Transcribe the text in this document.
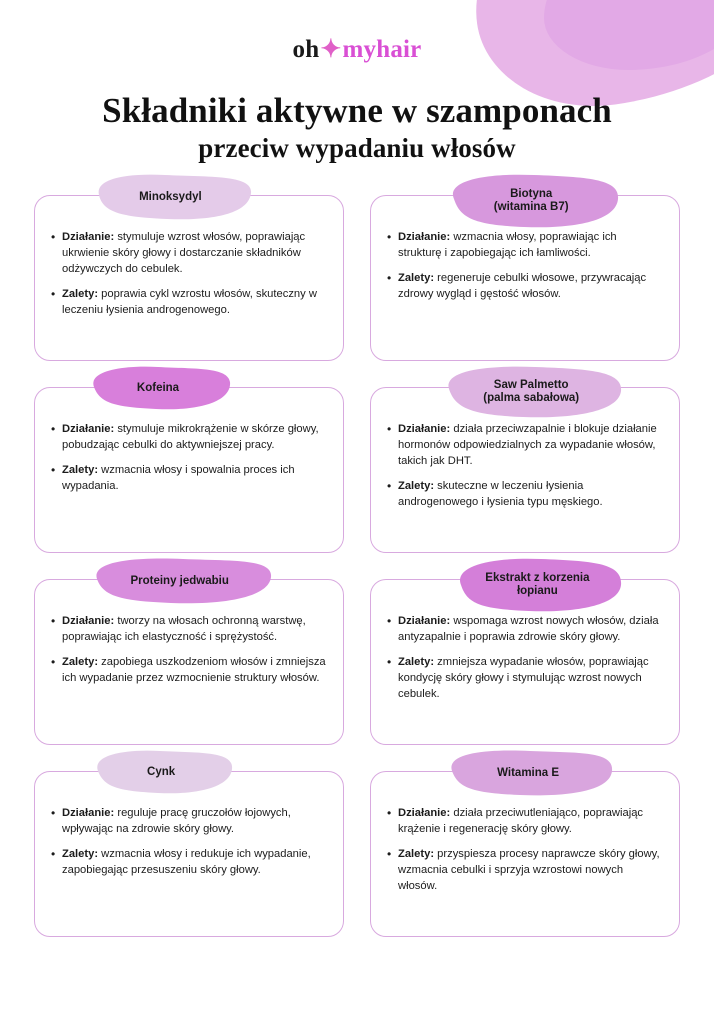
oh✦myhair
Składniki aktywne w szamponach
przeciw wypadaniu włosów
Minoksydyl
• Działanie: stymuluje wzrost włosów, poprawiając ukrwienie skóry głowy i dostarczanie składników odżywczych do cebulek.
• Zalety: poprawia cykl wzrostu włosów, skuteczny w leczeniu łysienia androgenowego.
Biotyna
(witamina B7)
• Działanie: wzmacnia włosy, poprawiając ich strukturę i zapobiegając ich łamliwości.
• Zalety: regeneruje cebulki włosowe, przywracając zdrowy wygląd i gęstość włosów.
Kofeina
• Działanie: stymuluje mikrokrążenie w skórze głowy, pobudzając cebulki do aktywniejszej pracy.
• Zalety: wzmacnia włosy i spowalnia proces ich wypadania.
Saw Palmetto
(palma sabałowa)
• Działanie: działa przeciwzapalnie i blokuje działanie hormonów odpowiedzialnych za wypadanie włosów, takich jak DHT.
• Zalety: skuteczne w leczeniu łysienia androgenowego i łysienia typu męskiego.
Proteiny jedwabiu
• Działanie: tworzy na włosach ochronną warstwę, poprawiając ich elastyczność i sprężystość.
• Zalety: zapobiega uszkodzeniom włosów i zmniejsza ich wypadanie przez wzmocnienie struktury włosów.
Ekstrakt z korzenia
łopianu
• Działanie: wspomaga wzrost nowych włosów, działa antyzapalnie i poprawia zdrowie skóry głowy.
• Zalety: zmniejsza wypadanie włosów, poprawiając kondycję skóry głowy i stymulując wzrost nowych cebulek.
Cynk
• Działanie: reguluje pracę gruczołów łojowych, wpływając na zdrowie skóry głowy.
• Zalety: wzmacnia włosy i redukuje ich wypadanie, zapobiegając przesuszeniu skóry głowy.
Witamina E
• Działanie: działa przeciwutleniająco, poprawiając krążenie i regenerację skóry głowy.
• Zalety: przyspiesza procesy naprawcze skóry głowy, wzmacnia cebulki i sprzyja wzrostowi nowych włosów.
